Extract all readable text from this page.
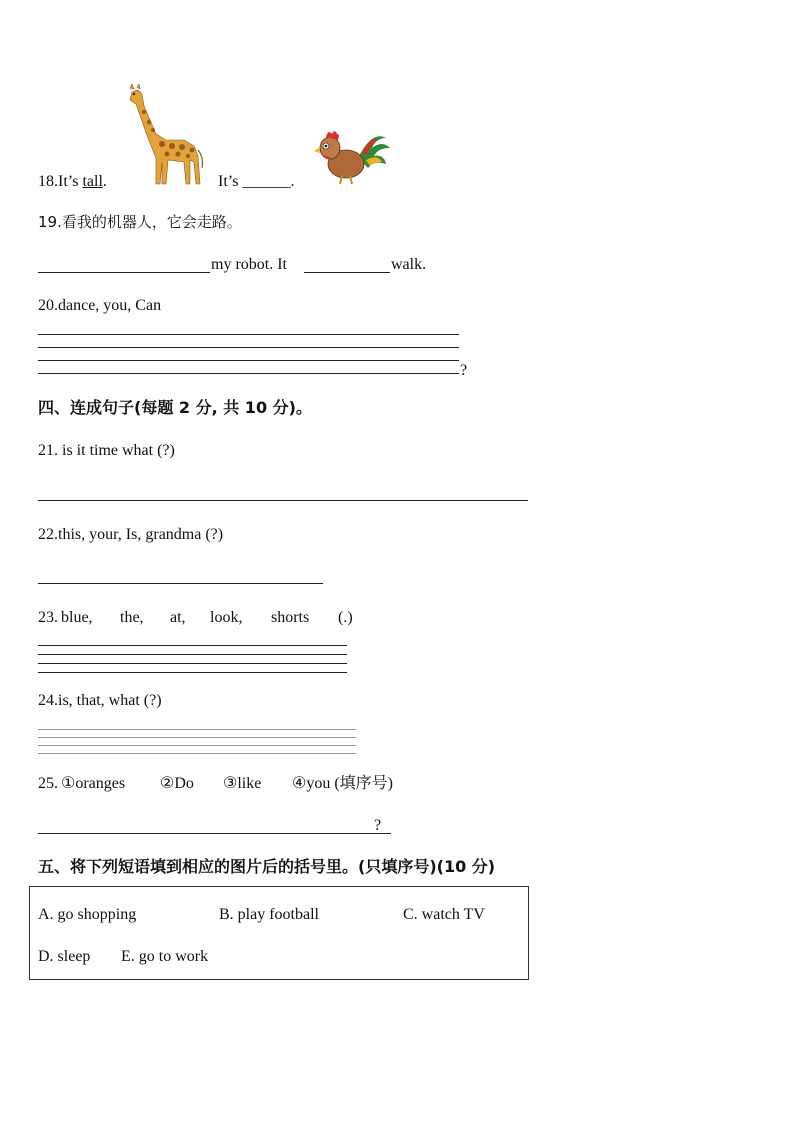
18.It’s tall.	It’s ______.
19.看我的机器人，它会走路。
my robot. It	walk.
20.dance, you, Can
?
四、连成句子(每题 2 分, 共 10 分)。
21. is it time what (?)
22.this, your, Is, grandma (?)
23. blue, the, at, look, shorts (.)
24.is, that, what (?)
25. ①oranges ②Do ③like ④you (填序号)
?
五、将下列短语填到相应的图片后的括号里。(只填序号)(10 分)
A. go shopping	B. play football	C. watch TV
D. sleep E. go to work
